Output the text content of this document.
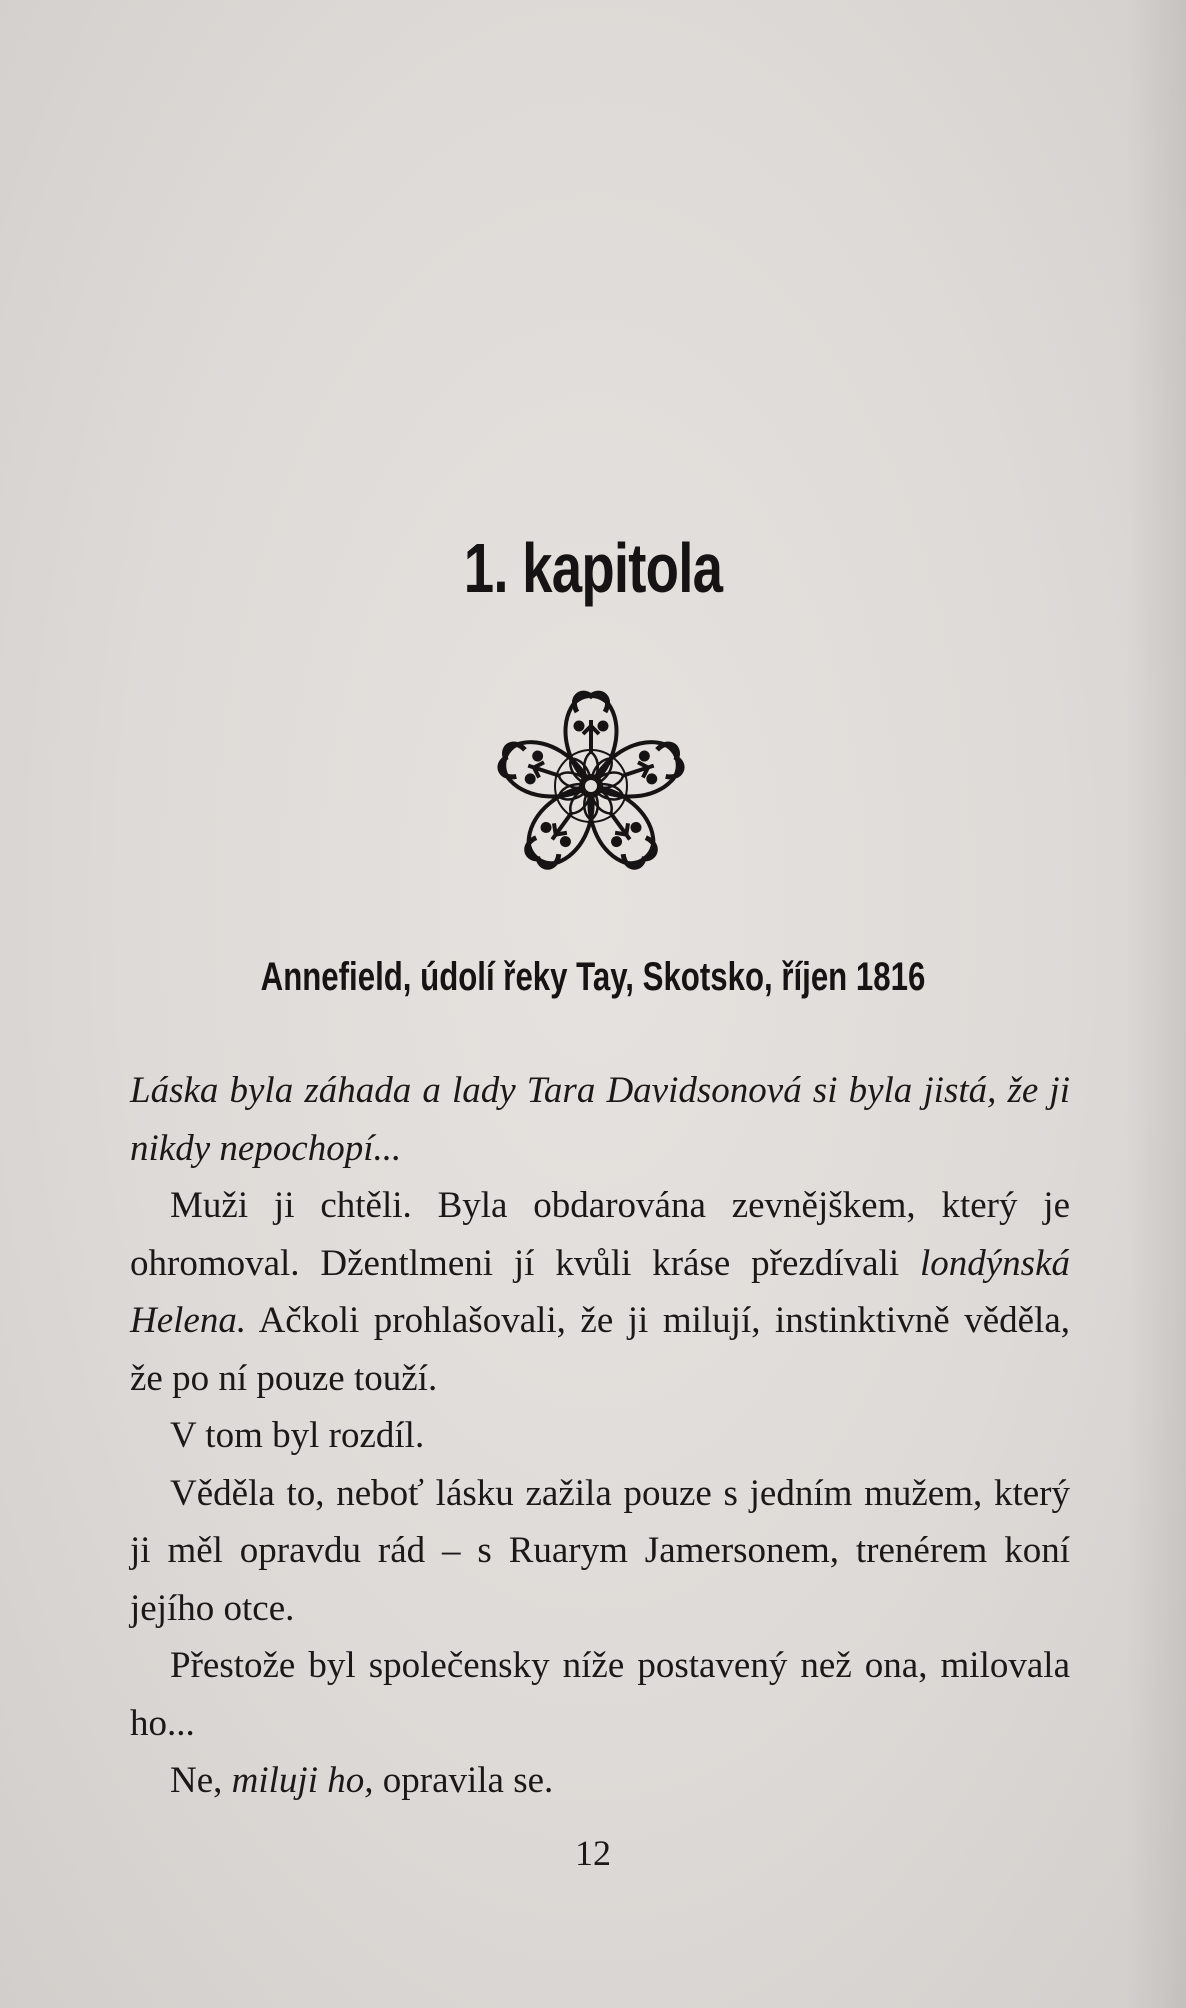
1. kapitola
Annefield, údolí řeky Tay, Skotsko, říjen 1816

Láska byla záhada a lady Tara Davidsonová si byla jistá, že ji nikdy nepochopí...

Muži ji chtěli. Byla obdarována zevnějškem, který je ohromoval. Džentlmeni jí kvůli kráse přezdívali londýnská Helena. Ačkoli prohlašovali, že ji milují, instinktivně věděla, že po ní pouze touží.

V tom byl rozdíl.

Věděla to, neboť lásku zažila pouze s jedním mužem, který ji měl opravdu rád – s Ruarym Jamersonem, trenérem koní jejího otce.

Přestože byl společensky níže postavený než ona, milovala ho...

Ne, miluji ho, opravila se.

12
